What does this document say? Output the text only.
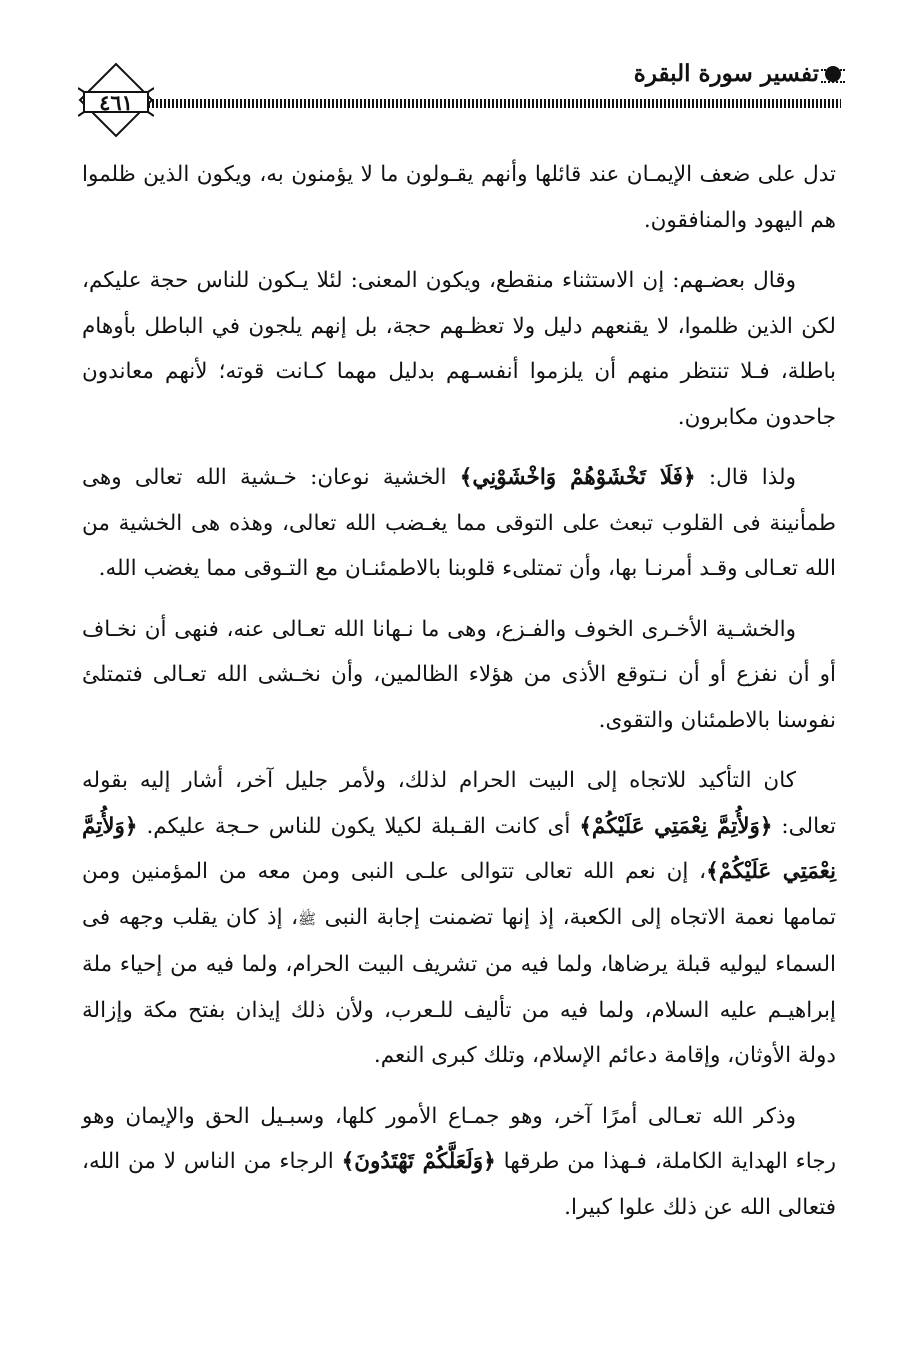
تفسير سورة البقرة
٤٦١

تدل على ضعف الإيمـان عند قائلها وأنهم يقـولون ما لا يؤمنون به، ويكون الذين ظلموا هم اليهود والمنافقون.

وقال بعضـهم: إن الاستثناء منقطع، ويكون المعنى: لئلا يـكون للناس حجة عليكم، لكن الذين ظلموا، لا يقنعهم دليل ولا تعظـهم حجة، بل إنهم يلجون في الباطل بأوهام باطلة، فـلا تنتظر منهم أن يلزموا أنفسـهم بدليل مهما كـانت قوته؛ لأنهم معاندون جاحدون مكابرون.

ولذا قال: ﴿فَلَا تَخْشَوْهُمْ وَاخْشَوْنِي﴾ الخشية نوعان: خـشية الله تعالى وهى طمأنينة فى القلوب تبعث على التوقى مما يغـضب الله تعالى، وهذه هى الخشية من الله تعـالى وقـد أمرنـا بها، وأن تمتلىء قلوبنا بالاطمئنـان مع التـوقى مما يغضب الله.

والخشـية الأخـرى الخوف والفـزع، وهى ما نـهانا الله تعـالى عنه، فنهى أن نخـاف أو أن نفزع أو أن نـتوقع الأذى من هؤلاء الظالمين، وأن نخـشى الله تعـالى فتمتلئ نفوسنا بالاطمئنان والتقوى.

كان التأكيد للاتجاه إلى البيت الحرام لذلك، ولأمر جليل آخر، أشار إليه بقوله تعالى: ﴿وَلأُتِمَّ نِعْمَتِي عَلَيْكُمْ﴾ أى كانت القـبلة لكيلا يكون للناس حـجة عليكم. ﴿وَلأُتِمَّ نِعْمَتِي عَلَيْكُمْ﴾، إن نعم الله تعالى تتوالى علـى النبى ومن معه من المؤمنين ومن تمامها نعمة الاتجاه إلى الكعبة، إذ إنها تضمنت إجابة النبى ﷺ، إذ كان يقلب وجهه فى السماء ليوليه قبلة يرضاها، ولما فيه من تشريف البيت الحرام، ولما فيه من إحياء ملة إبراهيـم عليه السلام، ولما فيه من تأليف للـعرب، ولأن ذلك إيذان بفتح مكة وإزالة دولة الأوثان، وإقامة دعائم الإسلام، وتلك كبرى النعم.

وذكر الله تعـالى أمرًا آخر، وهو جمـاع الأمور كلها، وسبـيل الحق والإيمان وهو رجاء الهداية الكاملة، فـهذا من طرقها ﴿وَلَعَلَّكُمْ تَهْتَدُونَ﴾ الرجاء من الناس لا من الله، فتعالى الله عن ذلك علوا كبيرا.
